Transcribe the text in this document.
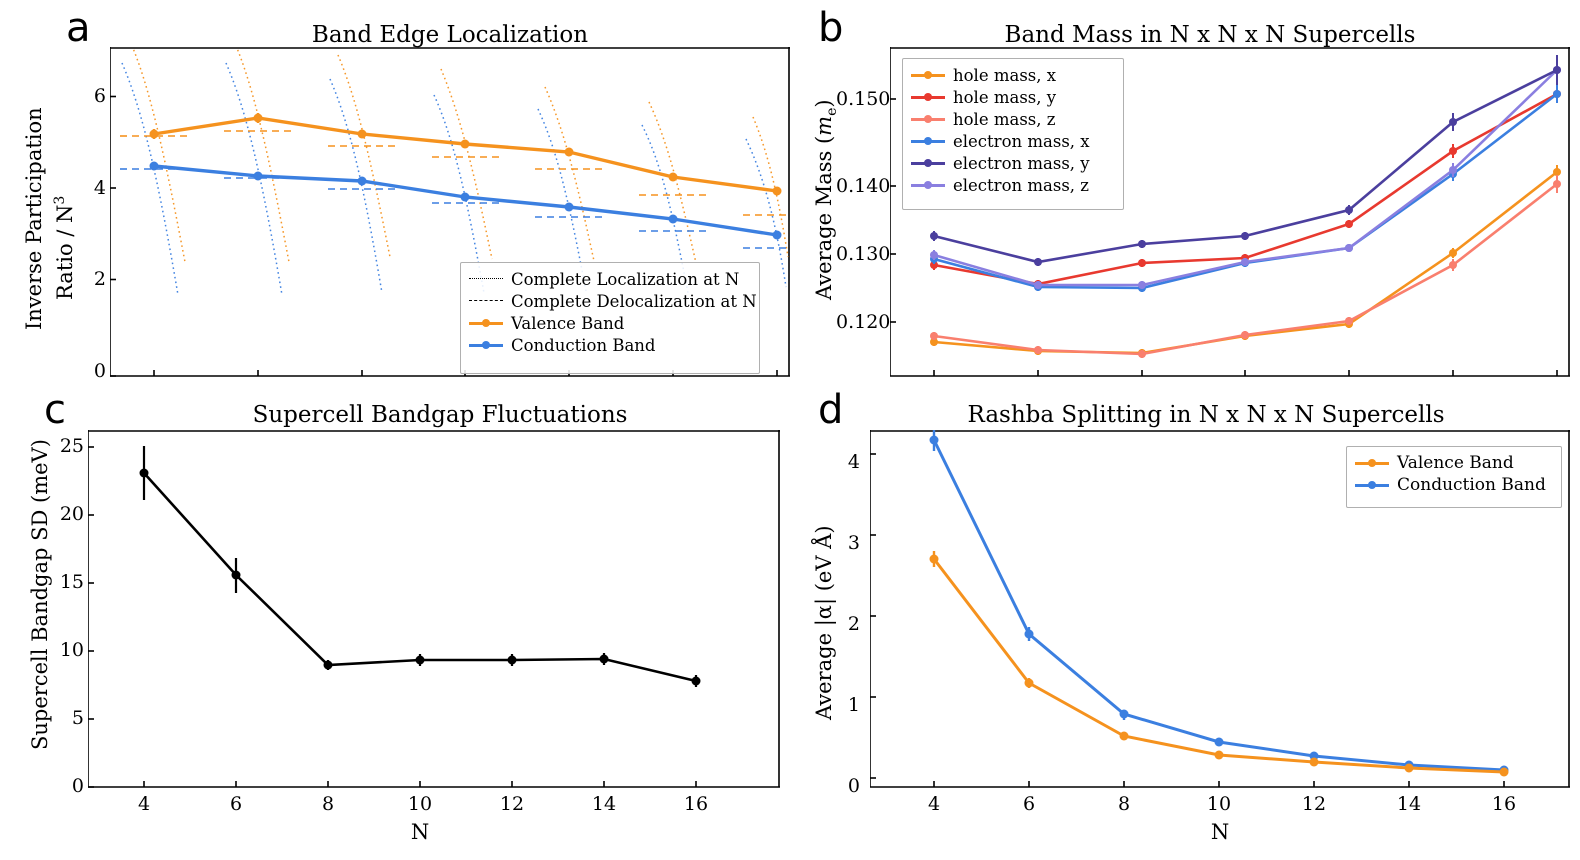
a	Band Edge Localization
Inverse Participation Ratio / $N^3$
0
2
4
6
Complete Localization at N
Complete Delocalization at N
Valence Band
Conduction Band
b	Band Mass in N x N x N Supercells
Average Mass $(m_e)$
0.120
0.130
0.140
0.150
hole mass, x
hole mass, y
hole mass, z
electron mass, x
electron mass, y
electron mass, z
c	Supercell Bandgap Fluctuations
Supercell Bandgap SD (meV)
N
0
5
10
15
20
25
4	6	8	10	12	14	16
d	Rashba Splitting in N x N x N Supercells
Average |α| (eV Å)
N
0
1
2
3
4
4	6	8	10	12	14	16
Valence Band
Conduction Band
